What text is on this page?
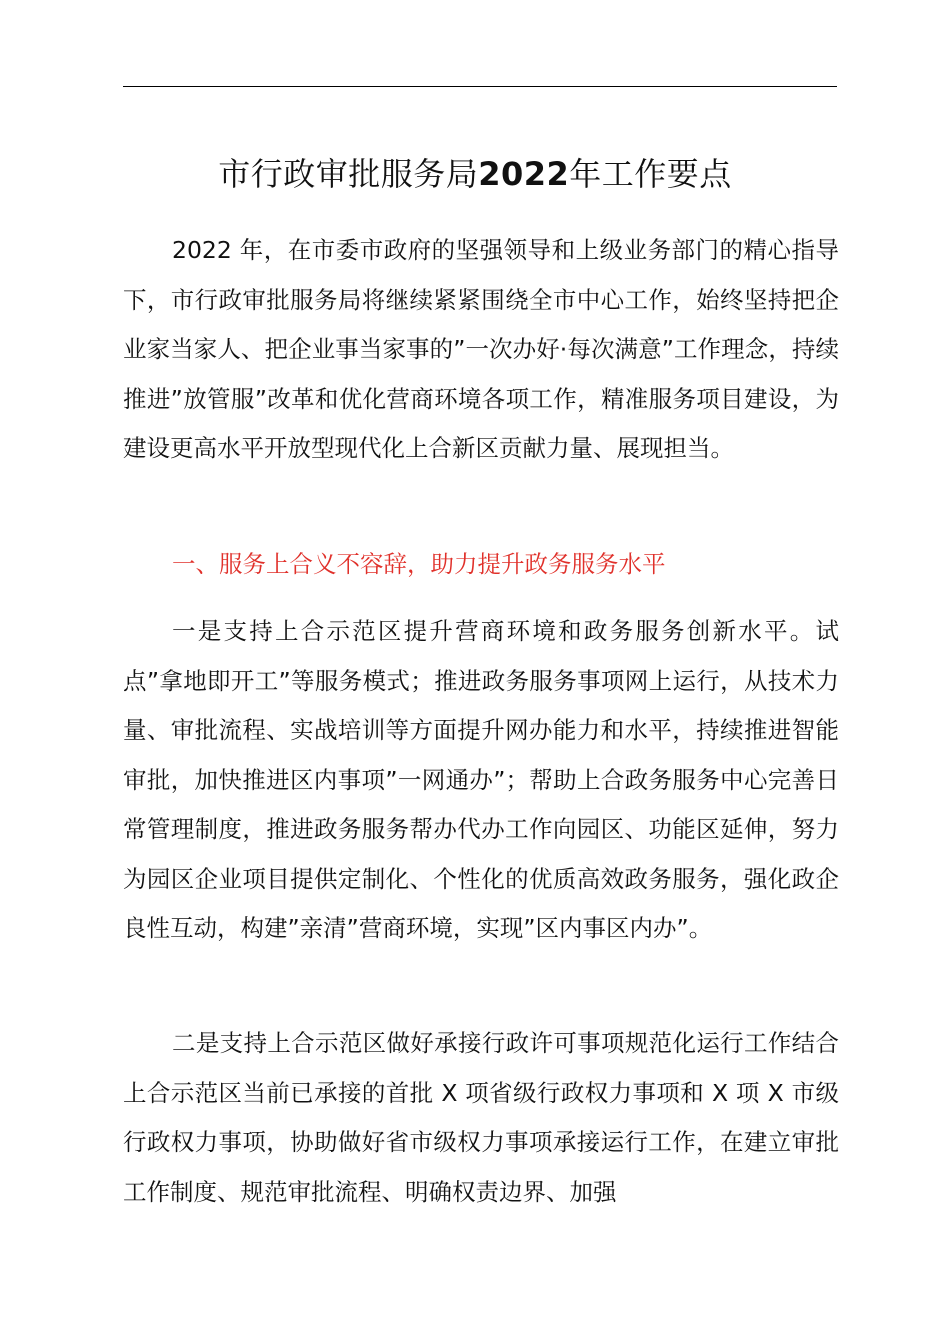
市行政审批服务局2022年工作要点

2022 年，在市委市政府的坚强领导和上级业务部门的精心指导下，市行政审批服务局将继续紧紧围绕全市中心工作，始终坚持把企业家当家人、把企业事当家事的”一次办好·每次满意”工作理念，持续推进”放管服”改革和优化营商环境各项工作，精准服务项目建设，为建设更高水平开放型现代化上合新区贡献力量、展现担当。

一、服务上合义不容辞，助力提升政务服务水平

一是支持上合示范区提升营商环境和政务服务创新水平。试点”拿地即开工”等服务模式；推进政务服务事项网上运行，从技术力量、审批流程、实战培训等方面提升网办能力和水平，持续推进智能审批，加快推进区内事项”一网通办”；帮助上合政务服务中心完善日常管理制度，推进政务服务帮办代办工作向园区、功能区延伸，努力为园区企业项目提供定制化、个性化的优质高效政务服务，强化政企良性互动，构建”亲清”营商环境，实现”区内事区内办”。

二是支持上合示范区做好承接行政许可事项规范化运行工作结合上合示范区当前已承接的首批 X 项省级行政权力事项和 X 项 X 市级行政权力事项，协助做好省市级权力事项承接运行工作，在建立审批工作制度、规范审批流程、明确权责边界、加强
